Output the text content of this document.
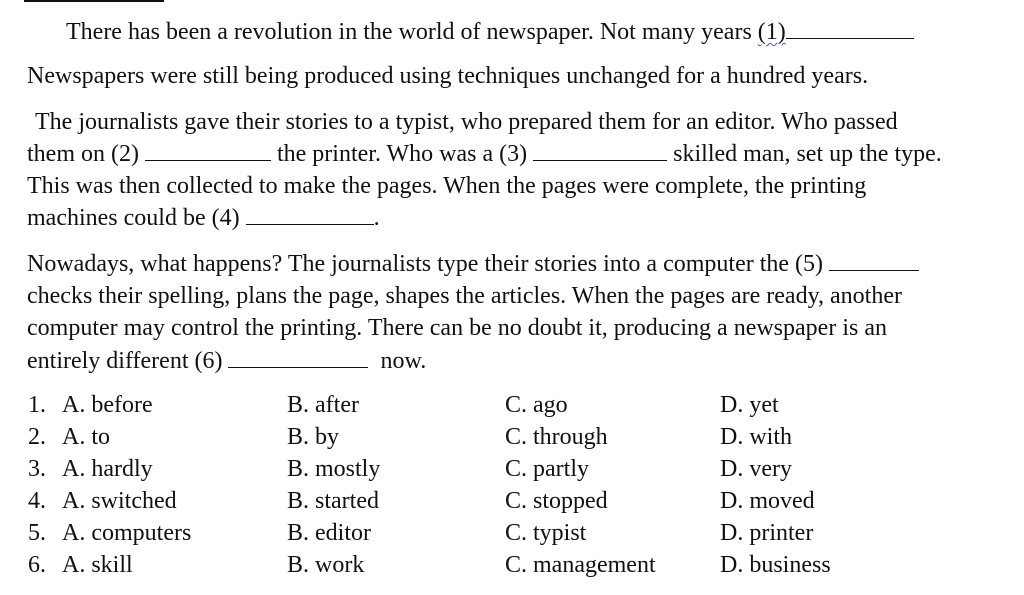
There has been a revolution in the world of newspaper. Not many years (1)
Newspapers were still being produced using techniques unchanged for a hundred years.
The journalists gave their stories to a typist, who prepared them for an editor. Who passed
them on (2)	the printer. Who was a (3)	skilled man, set up the type.
This was then collected to make the pages. When the pages were complete, the printing
machines could be (4)	.
Nowadays, what happens? The journalists type their stories into a computer the (5)
checks their spelling, plans the page, shapes the articles. When the pages are ready, another
computer may control the printing. There can be no doubt it, producing a newspaper is an
entirely different (6)	now.
1. A. before	B. after	C. ago	D. yet
2. A. to	B. by	C. through	D. with
3. A. hardly	B. mostly	C. partly	D. very
4. A. switched	B. started	C. stopped	D. moved
5. A. computers	B. editor	C. typist	D. printer
6. A. skill	B. work	C. management	D. business
